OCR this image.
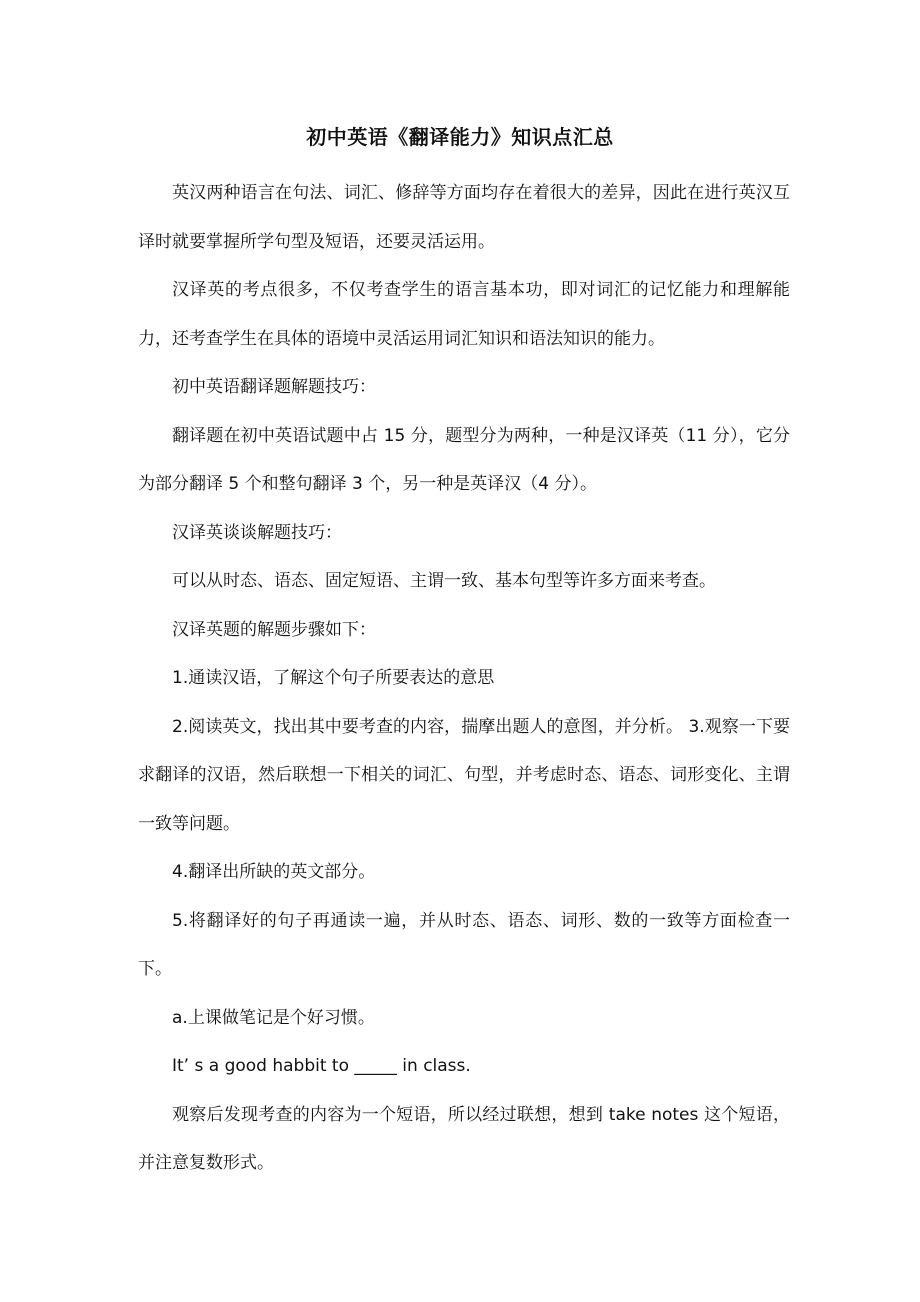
初中英语《翻译能力》知识点汇总

英汉两种语言在句法、词汇、修辞等方面均存在着很大的差异，因此在进行英汉互译时就要掌握所学句型及短语，还要灵活运用。

汉译英的考点很多，不仅考查学生的语言基本功，即对词汇的记忆能力和理解能力，还考查学生在具体的语境中灵活运用词汇知识和语法知识的能力。

初中英语翻译题解题技巧：

翻译题在初中英语试题中占 15 分，题型分为两种，一种是汉译英（11 分），它分为部分翻译 5 个和整句翻译 3 个，另一种是英译汉（4 分）。

汉译英谈谈解题技巧：

可以从时态、语态、固定短语、主谓一致、基本句型等许多方面来考查。

汉译英题的解题步骤如下：

1.通读汉语，了解这个句子所要表达的意思

2.阅读英文，找出其中要考查的内容，揣摩出题人的意图，并分析。 3.观察一下要求翻译的汉语，然后联想一下相关的词汇、句型，并考虑时态、语态、词形变化、主谓一致等问题。

4.翻译出所缺的英文部分。

5.将翻译好的句子再通读一遍，并从时态、语态、词形、数的一致等方面检查一下。

a.上课做笔记是个好习惯。

It’ s a good habbit to _____ in class.

观察后发现考查的内容为一个短语，所以经过联想，想到 take notes 这个短语，并注意复数形式。
